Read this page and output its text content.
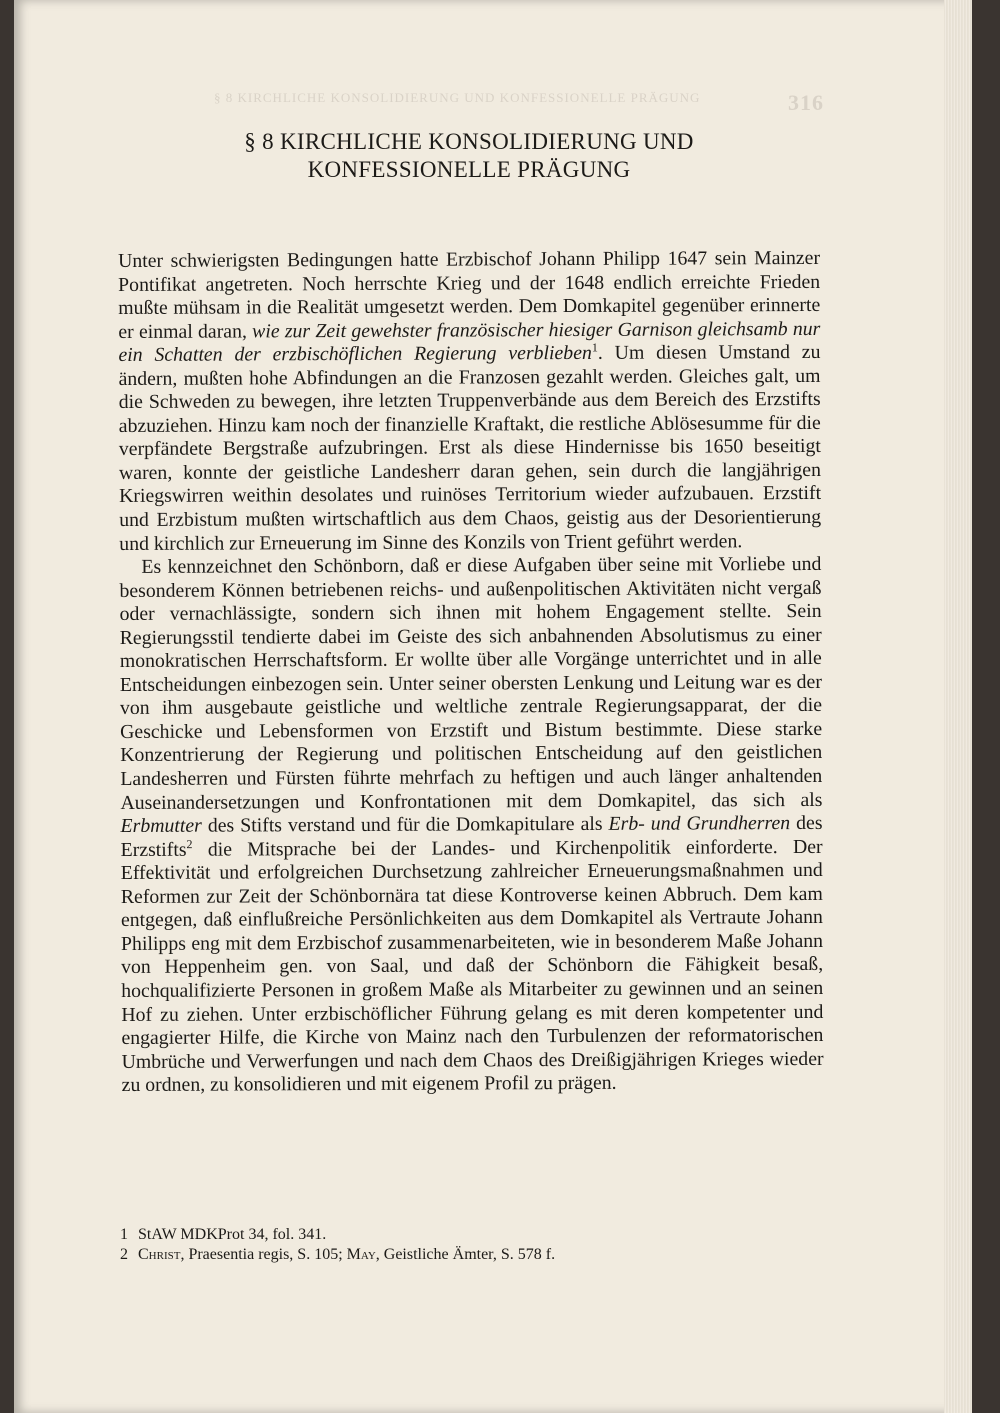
§ 8 KIRCHLICHE KONSOLIDIERUNG UND KONFESSIONELLE PRÄGUNG	316
§ 8 KIRCHLICHE KONSOLIDIERUNG UND
KONFESSIONELLE PRÄGUNG

Unter schwierigsten Bedingungen hatte Erzbischof Johann Philipp 1647 sein Mainzer Pontifikat angetreten. Noch herrschte Krieg und der 1648 endlich erreichte Frieden mußte mühsam in die Realität umgesetzt werden. Dem Domkapitel gegenüber erinnerte er einmal daran, wie zur Zeit gewehster französischer hiesiger Garnison gleichsamb nur ein Schatten der erzbischöflichen Regierung verblieben$^1$. Um diesen Umstand zu ändern, mußten hohe Abfindungen an die Franzosen gezahlt werden. Gleiches galt, um die Schweden zu bewegen, ihre letzten Truppenverbände aus dem Bereich des Erzstifts abzuziehen. Hinzu kam noch der finanzielle Kraftakt, die restliche Ablösesumme für die verpfändete Bergstraße aufzubringen. Erst als diese Hindernisse bis 1650 beseitigt waren, konnte der geistliche Landesherr daran gehen, sein durch die langjährigen Kriegswirren weithin desolates und ruinöses Territorium wieder aufzubauen. Erzstift und Erzbistum mußten wirtschaftlich aus dem Chaos, geistig aus der Desorientierung und kirchlich zur Erneuerung im Sinne des Konzils von Trient geführt werden.

Es kennzeichnet den Schönborn, daß er diese Aufgaben über seine mit Vorliebe und besonderem Können betriebenen reichs- und außenpolitischen Aktivitäten nicht vergaß oder vernachlässigte, sondern sich ihnen mit hohem Engagement stellte. Sein Regierungsstil tendierte dabei im Geiste des sich anbahnenden Absolutismus zu einer monokratischen Herrschaftsform. Er wollte über alle Vorgänge unterrichtet und in alle Entscheidungen einbezogen sein. Unter seiner obersten Lenkung und Leitung war es der von ihm ausgebaute geistliche und weltliche zentrale Regierungsapparat, der die Geschicke und Lebensformen von Erzstift und Bistum bestimmte. Diese starke Konzentrierung der Regierung und politischen Entscheidung auf den geistlichen Landesherren und Fürsten führte mehrfach zu heftigen und auch länger anhaltenden Auseinandersetzungen und Konfrontationen mit dem Domkapitel, das sich als Erbmutter des Stifts verstand und für die Domkapitulare als Erb- und Grundherren des Erzstifts$^2$ die Mitsprache bei der Landes- und Kirchenpolitik einforderte. Der Effektivität und erfolgreichen Durchsetzung zahlreicher Erneuerungsmaßnahmen und Reformen zur Zeit der Schönbornära tat diese Kontroverse keinen Abbruch. Dem kam entgegen, daß einflußreiche Persönlichkeiten aus dem Domkapitel als Vertraute Johann Philipps eng mit dem Erzbischof zusammenarbeiteten, wie in besonderem Maße Johann von Heppenheim gen. von Saal, und daß der Schönborn die Fähigkeit besaß, hochqualifizierte Personen in großem Maße als Mitarbeiter zu gewinnen und an seinen Hof zu ziehen. Unter erzbischöflicher Führung gelang es mit deren kompetenter und engagierter Hilfe, die Kirche von Mainz nach den Turbulenzen der reformatorischen Umbrüche und Verwerfungen und nach dem Chaos des Dreißigjährigen Krieges wieder zu ordnen, zu konsolidieren und mit eigenem Profil zu prägen.

1 StAW MDKProt 34, fol. 341.
2 Christ, Praesentia regis, S. 105; May, Geistliche Ämter, S. 578 f.
